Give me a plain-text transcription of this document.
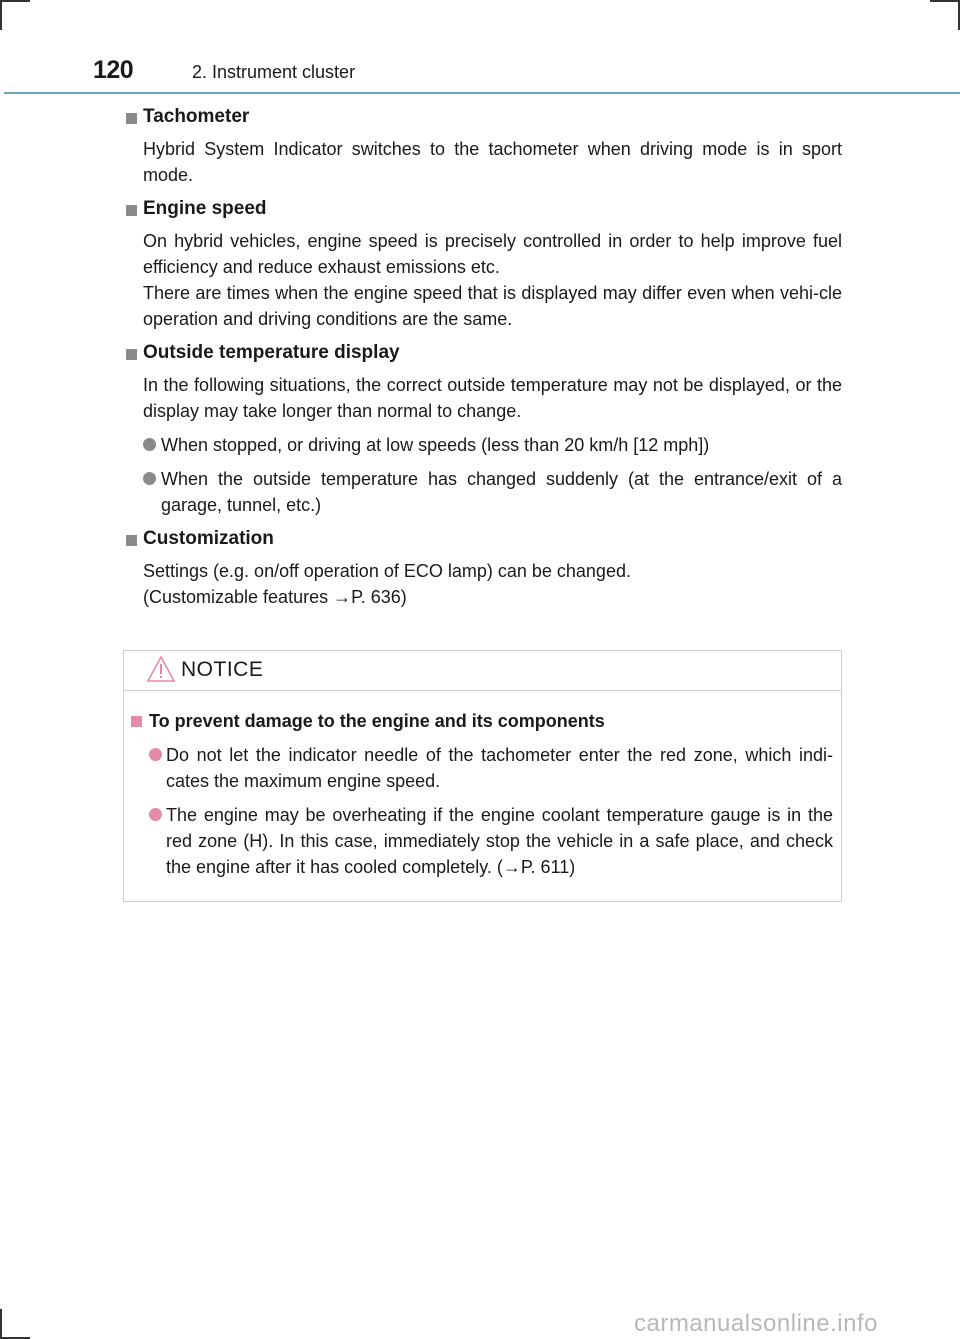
120	2. Instrument cluster
Tachometer
Hybrid System Indicator switches to the tachometer when driving mode is in sport mode.
Engine speed
On hybrid vehicles, engine speed is precisely controlled in order to help improve fuel efficiency and reduce exhaust emissions etc.
There are times when the engine speed that is displayed may differ even when vehi-cle operation and driving conditions are the same.
Outside temperature display
In the following situations, the correct outside temperature may not be displayed, or the display may take longer than normal to change.
When stopped, or driving at low speeds (less than 20 km/h [12 mph])
When the outside temperature has changed suddenly (at the entrance/exit of a garage, tunnel, etc.)
Customization
Settings (e.g. on/off operation of ECO lamp) can be changed.
(Customizable features →P. 636)
NOTICE
To prevent damage to the engine and its components
Do not let the indicator needle of the tachometer enter the red zone, which indi-cates the maximum engine speed.
The engine may be overheating if the engine coolant temperature gauge is in the red zone (H). In this case, immediately stop the vehicle in a safe place, and check the engine after it has cooled completely. (→P. 611)
carmanualsonline.info
